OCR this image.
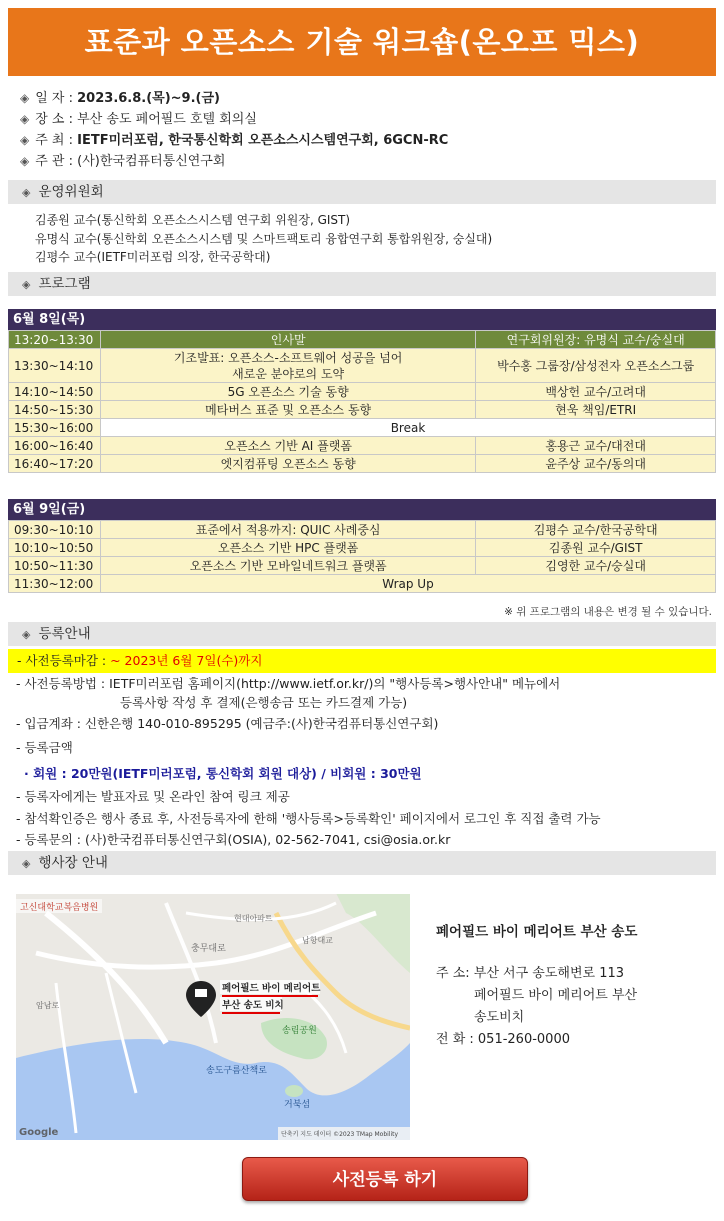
표준과 오픈소스 기술 워크숍(온오프 믹스)
◈ 일 자 : 2023.6.8.(목)~9.(금)
◈ 장 소 : 부산 송도 페어필드 호텔 회의실
◈ 주 최 : IETF미러포럼, 한국통신학회 오픈소스시스템연구회, 6GCN-RC
◈ 주 관 : (사)한국컴퓨터통신연구회
◈ 운영위원회
김종원 교수(통신학회 오픈소스시스템 연구회 위원장, GIST)
유명식 교수(통신학회 오픈소스시스템 및 스마트팩토리 융합연구회 통합위원장, 숭실대)
김평수 교수(IETF미러포럼 의장, 한국공학대)
◈ 프로그램
6월 8일(목)
13:20~13:30	인사말	연구회위원장: 유명식 교수/숭실대
13:30~14:10	기조발표: 오픈소스-소프트웨어 성공을 넘어
새로운 분야로의 도약	박수홍 그룹장/삼성전자 오픈소스그룹
14:10~14:50	5G 오픈소스 기술 동향	백상헌 교수/고려대
14:50~15:30	메타버스 표준 및 오픈소스 동향	현욱 책임/ETRI
15:30~16:00	Break	
16:00~16:40	오픈소스 기반 AI 플랫폼	홍용근 교수/대전대
16:40~17:20	엣지컴퓨팅 오픈소스 동향	윤주상 교수/동의대
6월 9일(금)
09:30~10:10	표준에서 적용까지: QUIC 사례중심	김평수 교수/한국공학대
10:10~10:50	오픈소스 기반 HPC 플랫폼	김종원 교수/GIST
10:50~11:30	오픈소스 기반 모바일네트워크 플랫폼	김영한 교수/숭실대
11:30~12:00	Wrap Up	
※ 위 프로그램의 내용은 변경 될 수 있습니다.
◈ 등록안내
- 사전등록마감 : ~ 2023년 6월 7일(수)까지
- 사전등록방법 : IETF미러포럼 홈페이지(http://www.ietf.or.kr/)의 "행사등록>행사안내" 메뉴에서
등록사항 작성 후 결제(은행송금 또는 카드결제 가능)
- 입금계좌 : 신한은행 140-010-895295 (예금주:(사)한국컴퓨터통신연구회)
- 등록금액
· 회원 : 20만원(IETF미러포럼, 통신학회 회원 대상) / 비회원 : 30만원
- 등록자에게는 발표자료 및 온라인 참여 링크 제공
- 참석확인증은 행사 종료 후, 사전등록자에 한해 '행사등록>등록확인' 페이지에서 로그인 후 직접 출력 가능
- 등록문의 : (사)한국컴퓨터통신연구회(OSIA), 02-562-7041, csi@osia.or.kr
◈ 행사장 안내
고신대학교복음병원
충무대로
현대아파트
남항대교
암남로
페어필드 바이 메리어트
부산 송도 비치
송림공원
송도구름산책로
거북섬
Google	단축키 지도 데이터 ©2023 TMap Mobility
페어필드 바이 메리어트 부산 송도
주 소: 부산 서구 송도해변로 113
페어필드 바이 메리어트 부산
송도비치
전 화 : 051-260-0000
사전등록 하기
